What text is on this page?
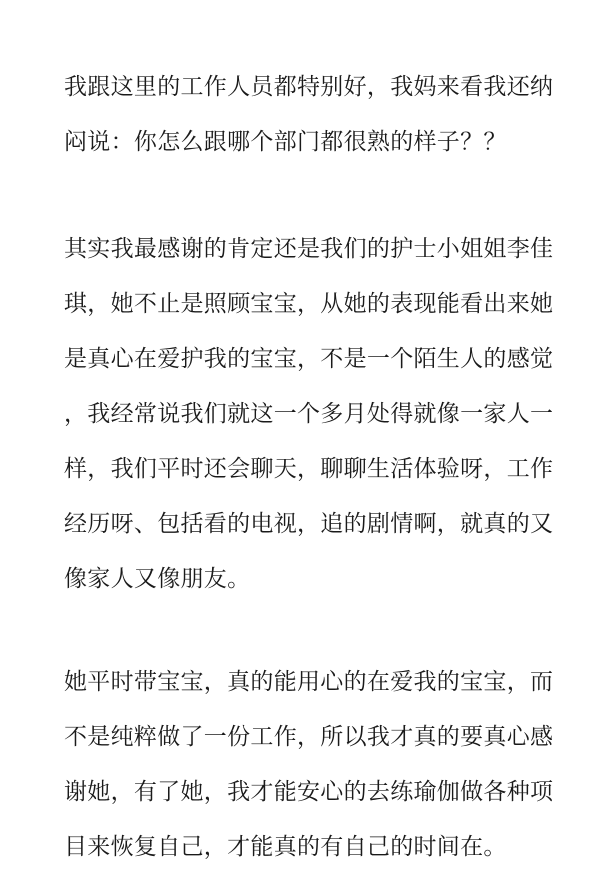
我跟这里的工作人员都特别好，我妈来看我还纳
闷说：你怎么跟哪个部门都很熟的样子？？
其实我最感谢的肯定还是我们的护士小姐姐李佳
琪，她不止是照顾宝宝，从她的表现能看出来她
是真心在爱护我的宝宝，不是一个陌生人的感觉
，我经常说我们就这一个多月处得就像一家人一
样，我们平时还会聊天，聊聊生活体验呀，工作
经历呀、包括看的电视，追的剧情啊，就真的又
像家人又像朋友。
她平时带宝宝，真的能用心的在爱我的宝宝，而
不是纯粹做了一份工作，所以我才真的要真心感
谢她，有了她，我才能安心的去练瑜伽做各种项
目来恢复自己，才能真的有自己的时间在。
